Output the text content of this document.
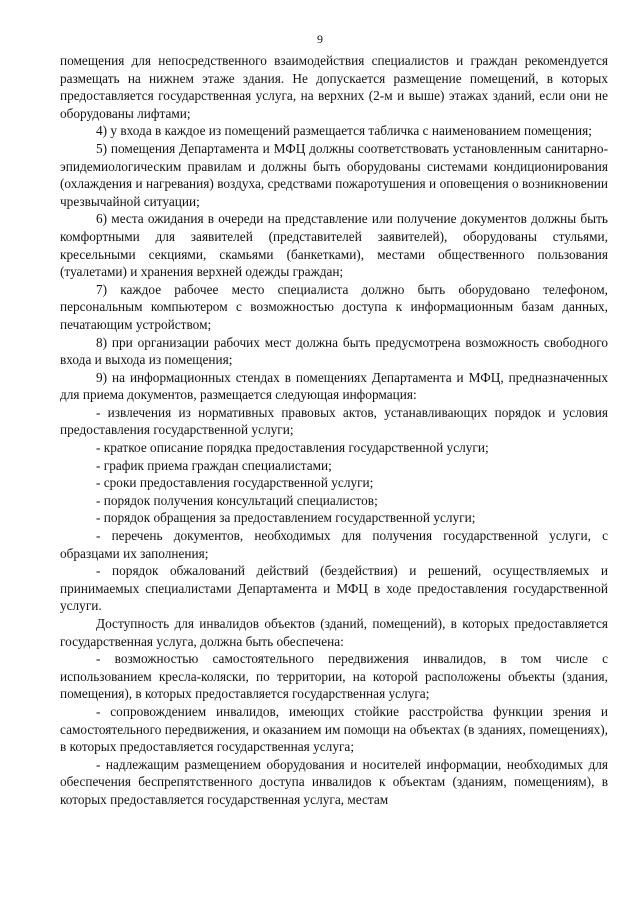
9

помещения для непосредственного взаимодействия специалистов и граждан рекомендуется размещать на нижнем этаже здания. Не допускается размещение помещений, в которых предоставляется государственная услуга, на верхних (2-м и выше) этажах зданий, если они не оборудованы лифтами;

4) у входа в каждое из помещений размещается табличка с наименованием помещения;

5) помещения Департамента и МФЦ должны соответствовать установленным санитарно-эпидемиологическим правилам и должны быть оборудованы системами кондиционирования (охлаждения и нагревания) воздуха, средствами пожаротушения и оповещения о возникновении чрезвычайной ситуации;

6) места ожидания в очереди на представление или получение документов должны быть комфортными для заявителей (представителей заявителей), оборудованы стульями, кресельными секциями, скамьями (банкетками), местами общественного пользования (туалетами) и хранения верхней одежды граждан;

7) каждое рабочее место специалиста должно быть оборудовано телефоном, персональным компьютером с возможностью доступа к информационным базам данных, печатающим устройством;

8) при организации рабочих мест должна быть предусмотрена возможность свободного входа и выхода из помещения;

9) на информационных стендах в помещениях Департамента и МФЦ, предназначенных для приема документов, размещается следующая информация:

- извлечения из нормативных правовых актов, устанавливающих порядок и условия предоставления государственной услуги;

- краткое описание порядка предоставления государственной услуги;

- график приема граждан специалистами;

- сроки предоставления государственной услуги;

- порядок получения консультаций специалистов;

- порядок обращения за предоставлением государственной услуги;

- перечень документов, необходимых для получения государственной услуги, с образцами их заполнения;

- порядок обжалований действий (бездействия) и решений, осуществляемых и принимаемых специалистами Департамента и МФЦ в ходе предоставления государственной услуги.

Доступность для инвалидов объектов (зданий, помещений), в которых предоставляется государственная услуга, должна быть обеспечена:

- возможностью самостоятельного передвижения инвалидов, в том числе с использованием кресла-коляски, по территории, на которой расположены объекты (здания, помещения), в которых предоставляется государственная услуга;

- сопровождением инвалидов, имеющих стойкие расстройства функции зрения и самостоятельного передвижения, и оказанием им помощи на объектах (в зданиях, помещениях), в которых предоставляется государственная услуга;

- надлежащим размещением оборудования и носителей информации, необходимых для обеспечения беспрепятственного доступа инвалидов к объектам (зданиям, помещениям), в которых предоставляется государственная услуга, местам
